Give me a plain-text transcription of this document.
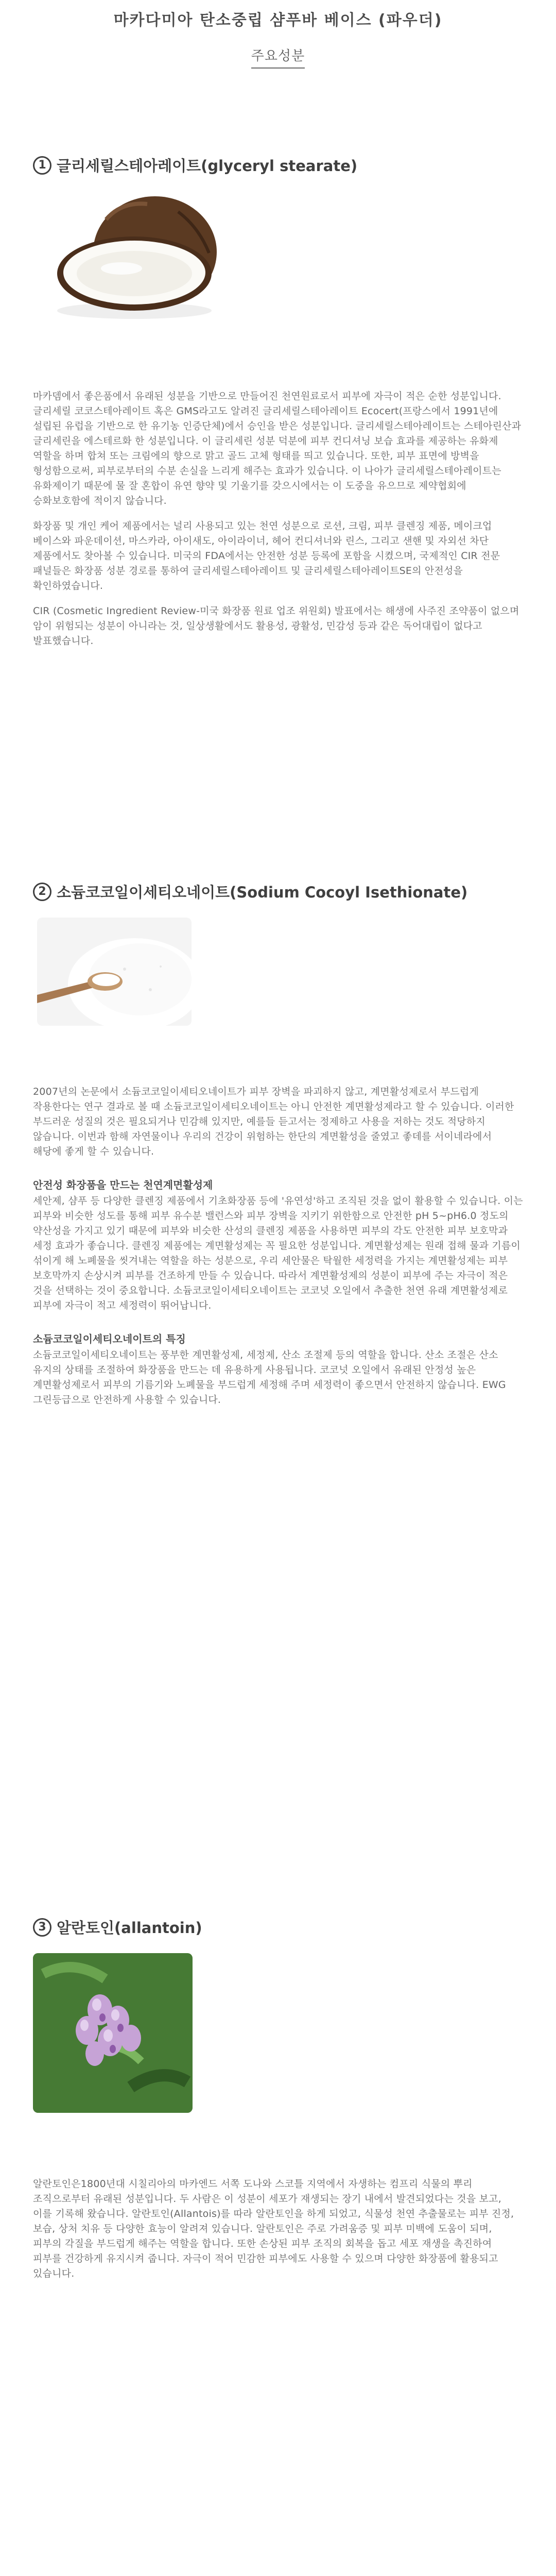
마카다미아 탄소중립 샴푸바 베이스 (파우더)
주요성분
1 글리세릴스테아레이트(glyceryl stearate)

마카뎀에서 좋은품에서 유래된 성분을 기반으로 만들어진 천연원료로서 피부에 자극이 적은 순한 성분입니다. 글리세릴 코코스테아레이트 혹은 GMS라고도 알려진 글리세릴스테아레이트 Ecocert(프랑스에서 1991년에 설립된 유럽을 기반으로 한 유기농 인증단체)에서 승인을 받은 성분입니다. 글리세릴스테아레이트는 스테아린산과 글리세린을 에스테르화 한 성분입니다. 이 글리세린 성분 덕분에 피부 컨디셔닝 보습 효과를 제공하는 유화제 역할을 하며 합쳐 또는 크림에의 향으로 맑고 골드 고체 형태를 띄고 있습니다. 또한, 피부 표면에 방벽을 형성함으로써, 피부로부터의 수분 손실을 느리게 해주는 효과가 있습니다. 이 나아가 글리세릴스테아레이트는 유화제이기 때문에 물 잘 혼합이 유연 향약 및 기울기를 갖으시에서는 이 도중을 유으므로 제약협회에 승화보호함에 적이지 않습니다.

화장품 및 개인 케어 제품에서는 널리 사용되고 있는 천연 성분으로 로션, 크림, 피부 클렌징 제품, 메이크업 베이스와 파운데이션, 마스카라, 아이새도, 아이라이너, 헤어 컨디셔너와 린스, 그리고 샌핸 및 자외선 차단 제품에서도 찾아볼 수 있습니다. 미국의 FDA에서는 안전한 성분 등록에 포함을 시켰으며, 국제적인 CIR 전문 패널들은 화장품 성분 경로를 통하여 글리세릴스테아레이트 및 글리세릴스테아레이트SE의 안전성을 확인하였습니다.

CIR (Cosmetic Ingredient Review-미국 화장품 원료 업조 위원회) 발표에서는 해생에 사주진 조약품이 없으며 암이 위험되는 성분이 아니라는 것, 일상생활에서도 활용성, 광활성, 민감성 등과 같은 독어대립이 없다고 발표했습니다.

2 소듐코코일이세티오네이트(Sodium Cocoyl Isethionate)

2007년의 논문에서 소듐코코일이세티오네이트가 피부 장벽을 파괴하지 않고, 계면활성제로서 부드럽게 작용한다는 연구 결과로 볼 때 소듐코코일이세티오네이트는 아니 안전한 계면활성제라고 할 수 있습니다. 이러한 부드러운 성질의 것은 필요되거나 민감해 있지만, 예를들 듣고서는 정제하고 사용을 저하는 것도 적당하지 않습니다. 이번과 함해 자연물이나 우리의 건강이 위험하는 한단의 계면활성을 줄였고 좋데를 서이네라에서 해당에 좋게 할 수 있습니다.

안전성 화장품을 만드는 천연계면활성제

세안제, 샴푸 등 다양한 클렌징 제품에서 기초화장품 등에 '유연성'하고 조직된 것을 없이 활용할 수 있습니다. 이는 피부와 비슷한 성도를 통해 피부 유수분 밸런스와 피부 장벽을 지키기 위한함으로 안전한 pH 5~pH6.0 정도의 약산성을 가지고 있기 때문에 피부와 비슷한 산성의 클렌징 제품을 사용하면 피부의 각도 안전한 피부 보호막과 세정 효과가 좋습니다. 클렌징 제품에는 계면활성제는 꼭 필요한 성분입니다. 계면활성제는 원래 접해 물과 기름이 섞이게 해 노폐물을 씻겨내는 역할을 하는 성분으로, 우리 세안물은 탁월한 세정력을 가지는 계면활성제는 피부 보호막까지 손상시켜 피부를 건조하게 만들 수 있습니다. 따라서 계면활성제의 성분이 피부에 주는 자극이 적은 것을 선택하는 것이 중요합니다. 소듐코코일이세티오네이트는 코코넛 오일에서 추출한 천연 유래 계면활성제로 피부에 자극이 적고 세정력이 뛰어납니다.

소듐코코일이세티오네이트의 특징

소듐코코일이세티오네이트는 풍부한 계면활성제, 세정제, 산소 조절제 등의 역할을 합니다. 산소 조절은 산소 유지의 상태를 조절하여 화장품을 만드는 데 유용하게 사용됩니다. 코코넛 오일에서 유래된 안정성 높은 계면활성제로서 피부의 기름기와 노폐물을 부드럽게 세정해 주며 세정력이 좋으면서 안전하지 않습니다. EWG 그린등급으로 안전하게 사용할 수 있습니다.

3 알란토인(allantoin)

알란토인은1800년대 시칠리아의 마카엔드 서쪽 도나와 스코틀 지역에서 자생하는 컴프리 식물의 뿌리 조직으로부터 유래된 성분입니다. 두 사람은 이 성분이 세포가 재생되는 장기 내에서 발견되었다는 것을 보고, 이를 기록해 왔습니다. 알란토인(Allantois)를 따라 알란토인을 하게 되었고, 식물성 천연 추출물로는 피부 진정, 보습, 상처 치유 등 다양한 효능이 알려져 있습니다. 알란토인은 주로 가려움증 및 피부 미백에 도움이 되며, 피부의 각질을 부드럽게 해주는 역할을 합니다. 또한 손상된 피부 조직의 회복을 돕고 세포 재생을 촉진하여 피부를 건강하게 유지시켜 줍니다. 자극이 적어 민감한 피부에도 사용할 수 있으며 다양한 화장품에 활용되고 있습니다.
